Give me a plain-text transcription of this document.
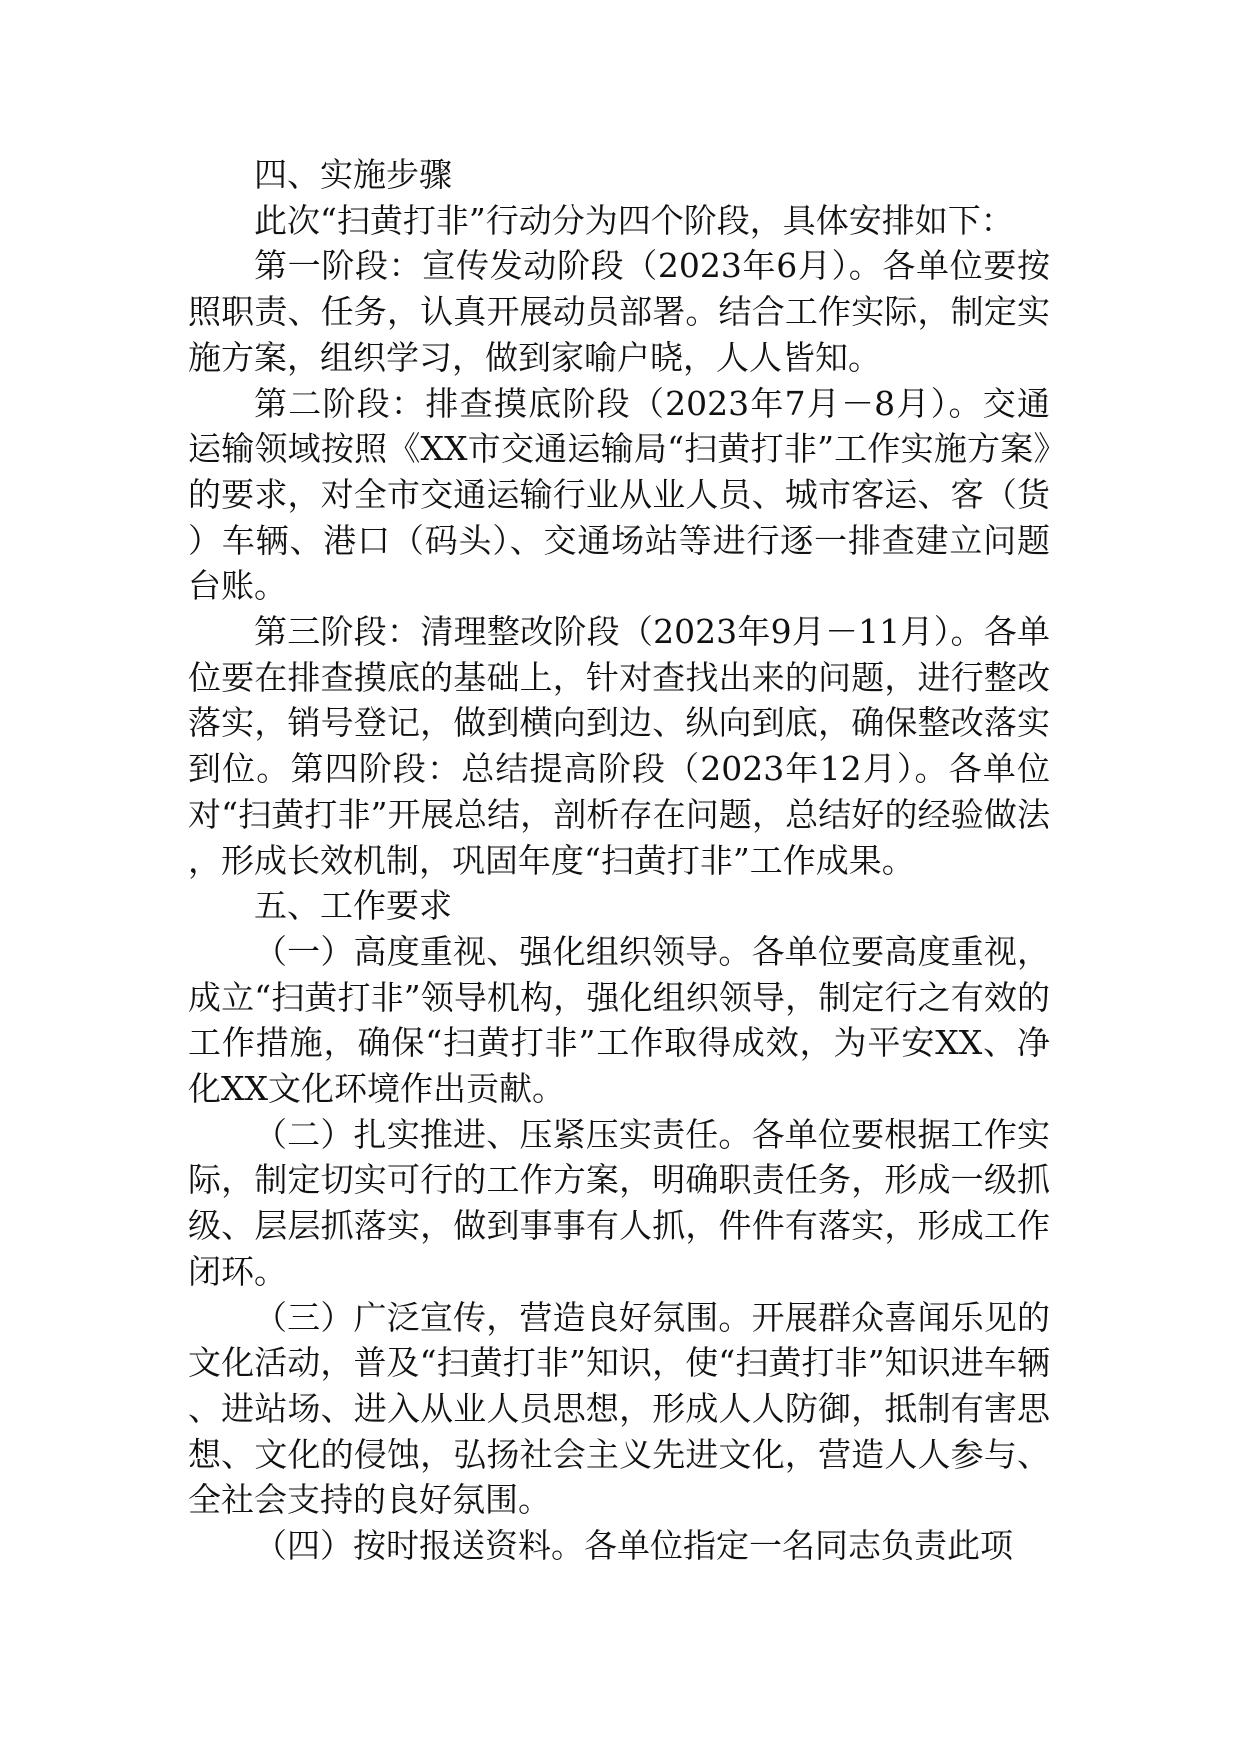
四、实施步骤

此次“扫黄打非”行动分为四个阶段，具体安排如下：

第一阶段：宣传发动阶段（2023年6月）。各单位要按照职责、任务，认真开展动员部署。结合工作实际，制定实施方案，组织学习，做到家喻户晓，人人皆知。

第二阶段：排查摸底阶段（2023年7月－8月）。交通运输领域按照《XX市交通运输局“扫黄打非”工作实施方案》的要求，对全市交通运输行业从业人员、城市客运、客（货）车辆、港口（码头）、交通场站等进行逐一排查建立问题台账。

第三阶段：清理整改阶段（2023年9月－11月）。各单位要在排查摸底的基础上，针对查找出来的问题，进行整改落实，销号登记，做到横向到边、纵向到底，确保整改落实到位。第四阶段：总结提高阶段（2023年12月）。各单位对“扫黄打非”开展总结，剖析存在问题，总结好的经验做法，形成长效机制，巩固年度“扫黄打非”工作成果。

五、工作要求

（一）高度重视、强化组织领导。各单位要高度重视，成立“扫黄打非”领导机构，强化组织领导，制定行之有效的工作措施，确保“扫黄打非”工作取得成效，为平安XX、净化XX文化环境作出贡献。

（二）扎实推进、压紧压实责任。各单位要根据工作实际，制定切实可行的工作方案，明确职责任务，形成一级抓级、层层抓落实，做到事事有人抓，件件有落实，形成工作闭环。

（三）广泛宣传，营造良好氛围。开展群众喜闻乐见的文化活动，普及“扫黄打非”知识，使“扫黄打非”知识进车辆、进站场、进入从业人员思想，形成人人防御，抵制有害思想、文化的侵蚀，弘扬社会主义先进文化，营造人人参与、全社会支持的良好氛围。

（四）按时报送资料。各单位指定一名同志负责此项
